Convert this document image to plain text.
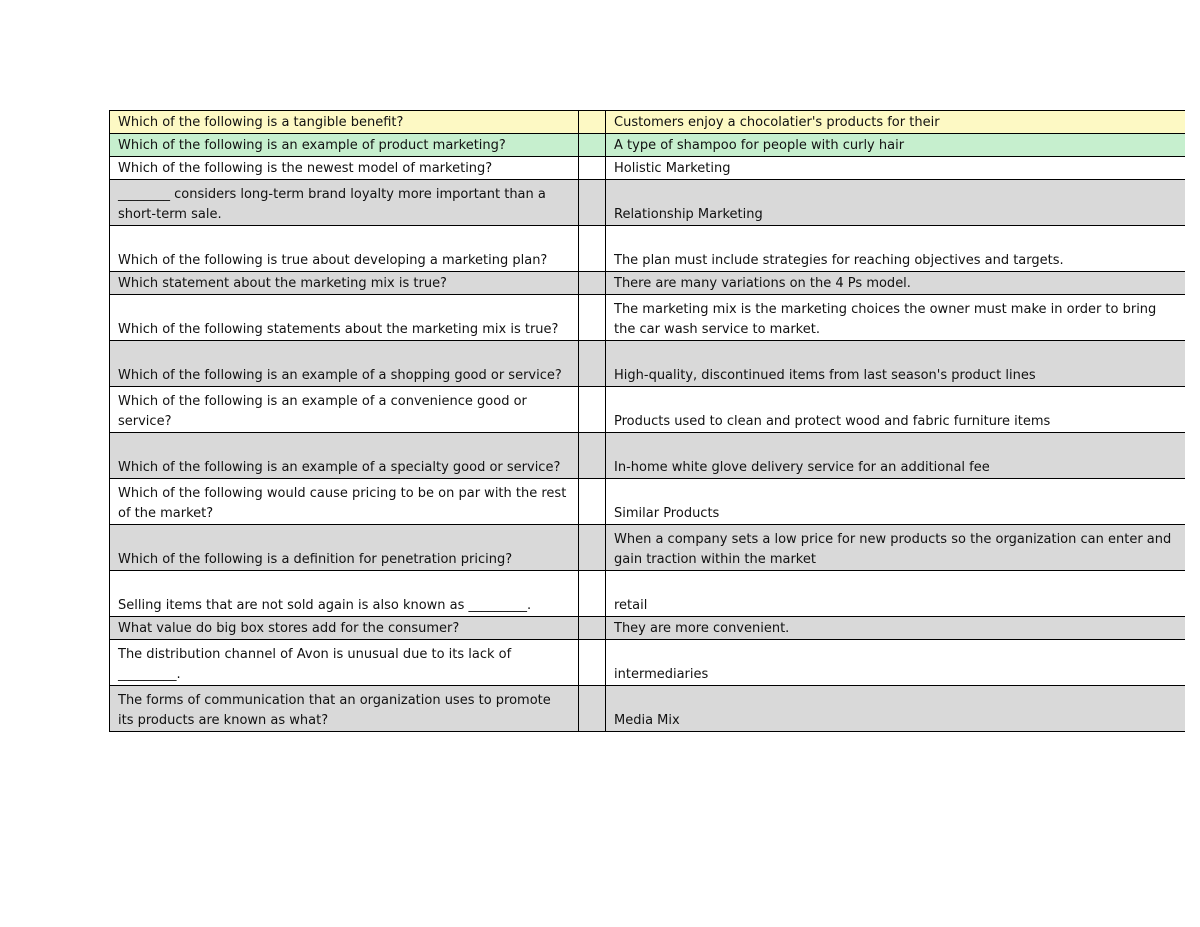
Which of the following is a tangible benefit?		Customers enjoy a chocolatier's products for their
Which of the following is an example of product marketing?		A type of shampoo for people with curly hair
Which of the following is the newest model of marketing?		Holistic Marketing
________ considers long-term brand loyalty more important than a short-term sale.		Relationship Marketing
Which of the following is true about developing a marketing plan?		The plan must include strategies for reaching objectives and targets.
Which statement about the marketing mix is true?		There are many variations on the 4 Ps model.
Which of the following statements about the marketing mix is true?		The marketing mix is the marketing choices the owner must make in order to bring the car wash service to market.
Which of the following is an example of a shopping good or service?		High-quality, discontinued items from last season's product lines
Which of the following is an example of a convenience good or service?		Products used to clean and protect wood and fabric furniture items
Which of the following is an example of a specialty good or service?		In-home white glove delivery service for an additional fee
Which of the following would cause pricing to be on par with the rest of the market?		Similar Products
Which of the following is a definition for penetration pricing?		When a company sets a low price for new products so the organization can enter and gain traction within the market
Selling items that are not sold again is also known as _________.		retail
What value do big box stores add for the consumer?		They are more convenient.
The distribution channel of Avon is unusual due to its lack of _________.		intermediaries
The forms of communication that an organization uses to promote its products are known as what?		Media Mix
